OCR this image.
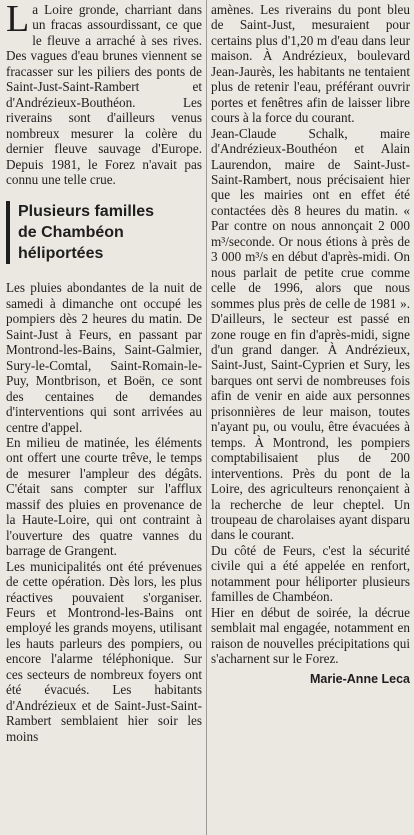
La Loire gronde, charriant dans un fracas assourdissant, ce que le fleuve a arraché à ses rives. Des vagues d'eau brunes viennent se fracasser sur les piliers des ponts de Saint-Just-Saint-Rambert et d'Andrézieux-Bouthéon. Les riverains sont d'ailleurs venus nombreux mesurer la colère du dernier fleuve sauvage d'Europe. Depuis 1981, le Forez n'avait pas connu une telle crue.

Plusieurs familles
de Chambéon
héliportées

Les pluies abondantes de la nuit de samedi à dimanche ont occupé les pompiers dès 2 heures du matin. De Saint-Just à Feurs, en passant par Montrond-les-Bains, Saint-Galmier, Sury-le-Comtal, Saint-Romain-le-Puy, Montbrison, et Boën, ce sont des centaines de demandes d'interventions qui sont arrivées au centre d'appel.

En milieu de matinée, les éléments ont offert une courte trêve, le temps de mesurer l'ampleur des dégâts. C'était sans compter sur l'afflux massif des pluies en provenance de la Haute-Loire, qui ont contraint à l'ouverture des quatre vannes du barrage de Grangent.

Les municipalités ont été prévenues de cette opération. Dès lors, les plus réactives pouvaient s'organiser. Feurs et Montrond-les-Bains ont employé les grands moyens, utilisant les hauts parleurs des pompiers, ou encore l'alarme téléphonique. Sur ces secteurs de nombreux foyers ont été évacués. Les habitants d'Andrézieux et de Saint-Just-Saint-Rambert semblaient hier soir les moins

amènes. Les riverains du pont bleu de Saint-Just, mesuraient pour certains plus d'1,20 m d'eau dans leur maison. À Andrézieux, boulevard Jean-Jaurès, les habitants ne tentaient plus de retenir l'eau, préférant ouvrir portes et fenêtres afin de laisser libre cours à la force du courant.

Jean-Claude Schalk, maire d'Andrézieux-Bouthéon et Alain Laurendon, maire de Saint-Just-Saint-Rambert, nous précisaient hier que les mairies ont en effet été contactées dès 8 heures du matin. « Par contre on nous annonçait 2 000 m³/seconde. Or nous étions à près de 3 000 m³/s en début d'après-midi. On nous parlait de petite crue comme celle de 1996, alors que nous sommes plus près de celle de 1981 ». D'ailleurs, le secteur est passé en zone rouge en fin d'après-midi, signe d'un grand danger. À Andrézieux, Saint-Just, Saint-Cyprien et Sury, les barques ont servi de nombreuses fois afin de venir en aide aux personnes prisonnières de leur maison, toutes n'ayant pu, ou voulu, être évacuées à temps. À Montrond, les pompiers comptabilisaient plus de 200 interventions. Près du pont de la Loire, des agriculteurs renonçaient à la recherche de leur cheptel. Un troupeau de charolaises ayant disparu dans le courant.

Du côté de Feurs, c'est la sécurité civile qui a été appelée en renfort, notamment pour héliporter plusieurs familles de Chambéon.

Hier en début de soirée, la décrue semblait mal engagée, notamment en raison de nouvelles précipitations qui s'acharnent sur le Forez.

Marie-Anne Leca
